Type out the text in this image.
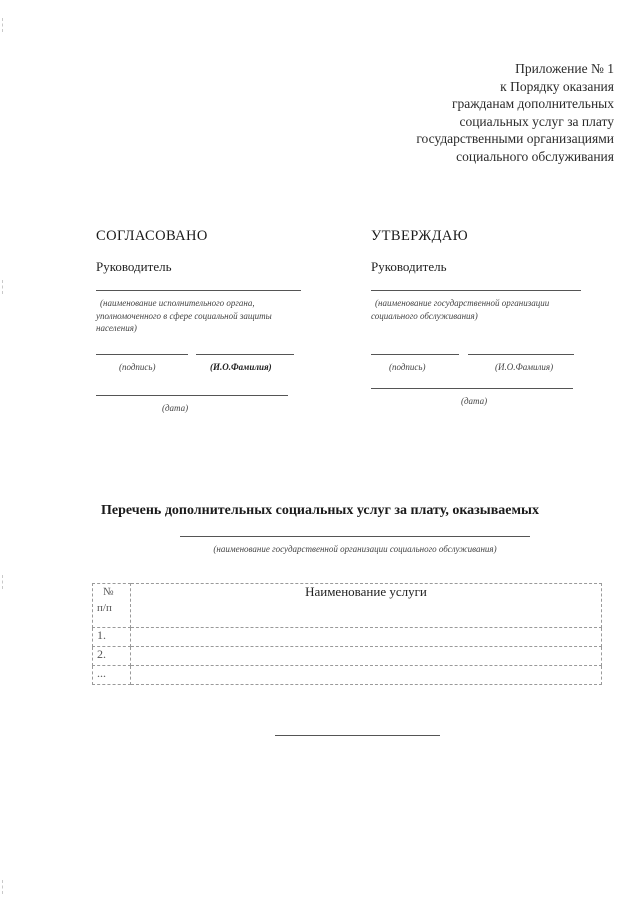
Приложение № 1
к Порядку оказания
гражданам дополнительных
социальных услуг за плату
государственными организациями
социального обслуживания
СОГЛАСОВАНО
Руководитель
(наименование исполнительного органа,
уполномоченного в сфере социальной защиты
населения)
(подпись)	(И.О.Фамилия)
(дата)
УТВЕРЖДАЮ
Руководитель
(наименование государственной организации
социального обслуживания)
(подпись)	(И.О.Фамилия)
(дата)
Перечень дополнительных социальных услуг за плату, оказываемых
(наименование государственной организации социального обслуживания)
№
п/п	Наименование услуги
1.	
2.	
...	
